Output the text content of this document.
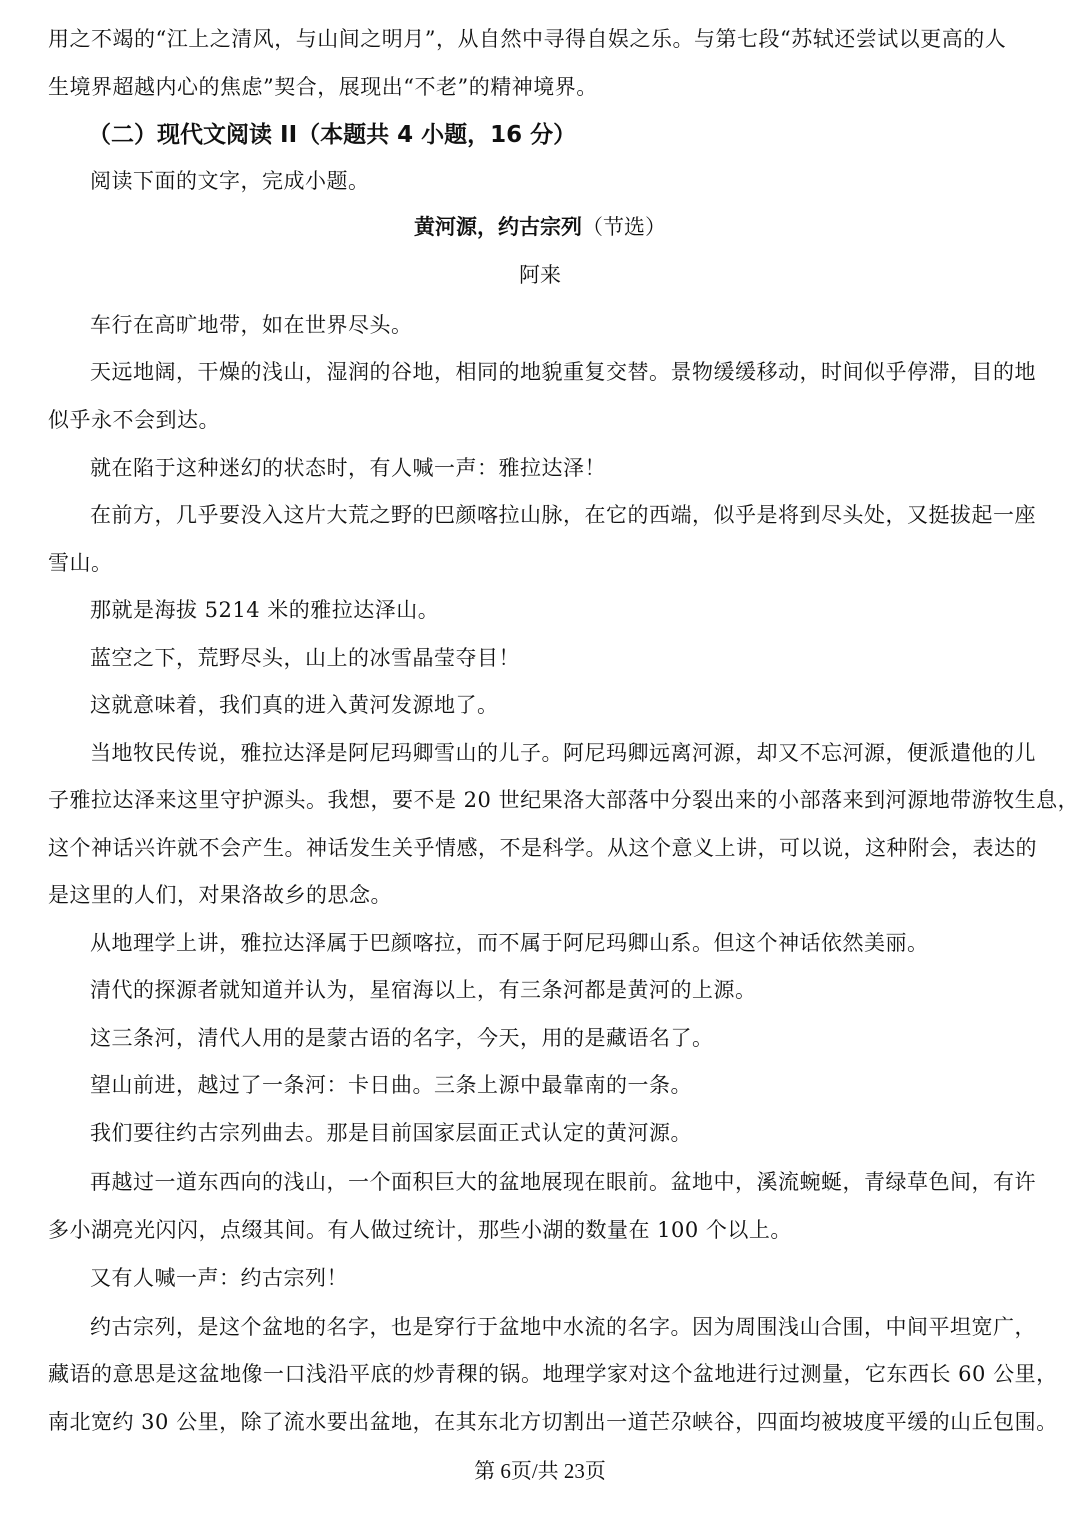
用之不竭的“江上之清风，与山间之明月”，从自然中寻得自娱之乐。与第七段“苏轼还尝试以更高的人
生境界超越内心的焦虑”契合，展现出“不老”的精神境界。
（二）现代文阅读 II（本题共 4 小题，16 分）
阅读下面的文字，完成小题。
黄河源，约古宗列（节选）
阿来
车行在高旷地带，如在世界尽头。
天远地阔，干燥的浅山，湿润的谷地，相同的地貌重复交替。景物缓缓移动，时间似乎停滞，目的地
似乎永不会到达。
就在陷于这种迷幻的状态时，有人喊一声：雅拉达泽！
在前方，几乎要没入这片大荒之野的巴颜喀拉山脉，在它的西端，似乎是将到尽头处，又挺拔起一座
雪山。
那就是海拔 5214 米的雅拉达泽山。
蓝空之下，荒野尽头，山上的冰雪晶莹夺目！
这就意味着，我们真的进入黄河发源地了。
当地牧民传说，雅拉达泽是阿尼玛卿雪山的儿子。阿尼玛卿远离河源，却又不忘河源，便派遣他的儿
子雅拉达泽来这里守护源头。我想，要不是 20 世纪果洛大部落中分裂出来的小部落来到河源地带游牧生息，
这个神话兴许就不会产生。神话发生关乎情感，不是科学。从这个意义上讲，可以说，这种附会，表达的
是这里的人们，对果洛故乡的思念。
从地理学上讲，雅拉达泽属于巴颜喀拉，而不属于阿尼玛卿山系。但这个神话依然美丽。
清代的探源者就知道并认为，星宿海以上，有三条河都是黄河的上源。
这三条河，清代人用的是蒙古语的名字，今天，用的是藏语名了。
望山前进，越过了一条河：卡日曲。三条上源中最靠南的一条。
我们要往约古宗列曲去。那是目前国家层面正式认定的黄河源。
再越过一道东西向的浅山，一个面积巨大的盆地展现在眼前。盆地中，溪流蜿蜒，青绿草色间，有许
多小湖亮光闪闪，点缀其间。有人做过统计，那些小湖的数量在 100 个以上。
又有人喊一声：约古宗列！
约古宗列，是这个盆地的名字，也是穿行于盆地中水流的名字。因为周围浅山合围，中间平坦宽广，
藏语的意思是这盆地像一口浅沿平底的炒青稞的锅。地理学家对这个盆地进行过测量，它东西长 60 公里，
南北宽约 30 公里，除了流水要出盆地，在其东北方切割出一道芒尕峡谷，四面均被坡度平缓的山丘包围。
第 6页/共 23页
